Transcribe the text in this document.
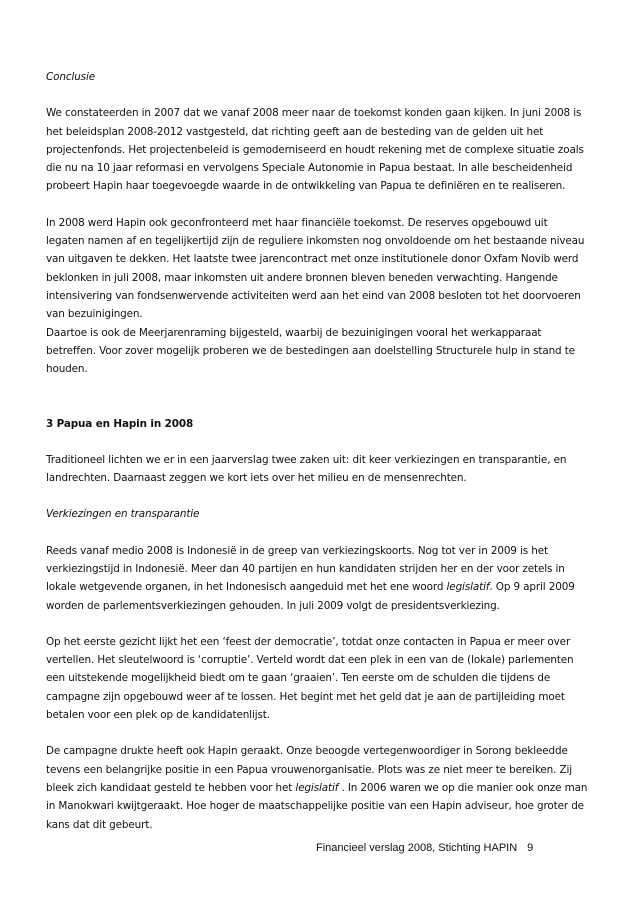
Conclusie

We constateerden in 2007 dat we vanaf 2008 meer naar de toekomst konden gaan kijken. In juni 2008 is het beleidsplan 2008-2012 vastgesteld, dat richting geeft aan de besteding van de gelden uit het projectenfonds. Het projectenbeleid is gemoderniseerd en houdt rekening met de complexe situatie zoals die nu na 10 jaar reformasi en vervolgens Speciale Autonomie in Papua bestaat. In alle bescheidenheid probeert Hapin haar toegevoegde waarde in de ontwikkeling van Papua te definiëren en te realiseren.

In 2008 werd Hapin ook geconfronteerd met haar financiële toekomst. De reserves opgebouwd uit legaten namen af en tegelijkertijd zijn de reguliere inkomsten nog onvoldoende om het bestaande niveau van uitgaven te dekken. Het laatste twee jarencontract met onze institutionele donor Oxfam Novib werd beklonken in juli 2008, maar inkomsten uit andere bronnen bleven beneden verwachting. Hangende intensivering van fondsenwervende activiteiten werd aan het eind van 2008 besloten tot het doorvoeren van bezuinigingen.

Daartoe is ook de Meerjarenraming bijgesteld, waarbij de bezuinigingen vooral het werkapparaat betreffen. Voor zover mogelijk proberen we de bestedingen aan doelstelling Structurele hulp in stand te houden.

3 Papua en Hapin in 2008

Traditioneel lichten we er in een jaarverslag twee zaken uit: dit keer verkiezingen en transparantie, en landrechten. Daarnaast zeggen we kort iets over het milieu en de mensenrechten.

Verkiezingen en transparantie

Reeds vanaf medio 2008 is Indonesië in de greep van verkiezingskoorts. Nog tot ver in 2009 is het verkiezingstijd in Indonesië. Meer dan 40 partijen en hun kandidaten strijden her en der voor zetels in lokale wetgevende organen, in het Indonesisch aangeduid met het ene woord legislatif. Op 9 april 2009 worden de parlementsverkiezingen gehouden. In juli 2009 volgt de presidentsverkiezing.

Op het eerste gezicht lijkt het een ‘feest der democratie’, totdat onze contacten in Papua er meer over vertellen. Het sleutelwoord is ‘corruptie’. Verteld wordt dat een plek in een van de (lokale) parlementen een uitstekende mogelijkheid biedt om te gaan ‘graaien’. Ten eerste om de schulden die tijdens de campagne zijn opgebouwd weer af te lossen. Het begint met het geld dat je aan de partijleiding moet betalen voor een plek op de kandidatenlijst.

De campagne drukte heeft ook Hapin geraakt. Onze beoogde vertegenwoordiger in Sorong bekleedde tevens een belangrijke positie in een Papua vrouwenorganisatie. Plots was ze niet meer te bereiken. Zij bleek zich kandidaat gesteld te hebben voor het legislatif . In 2006 waren we op die manier ook onze man in Manokwari kwijtgeraakt. Hoe hoger de maatschappelijke positie van een Hapin adviseur, hoe groter de kans dat dit gebeurt.

Financieel verslag 2008, Stichting HAPIN 9
